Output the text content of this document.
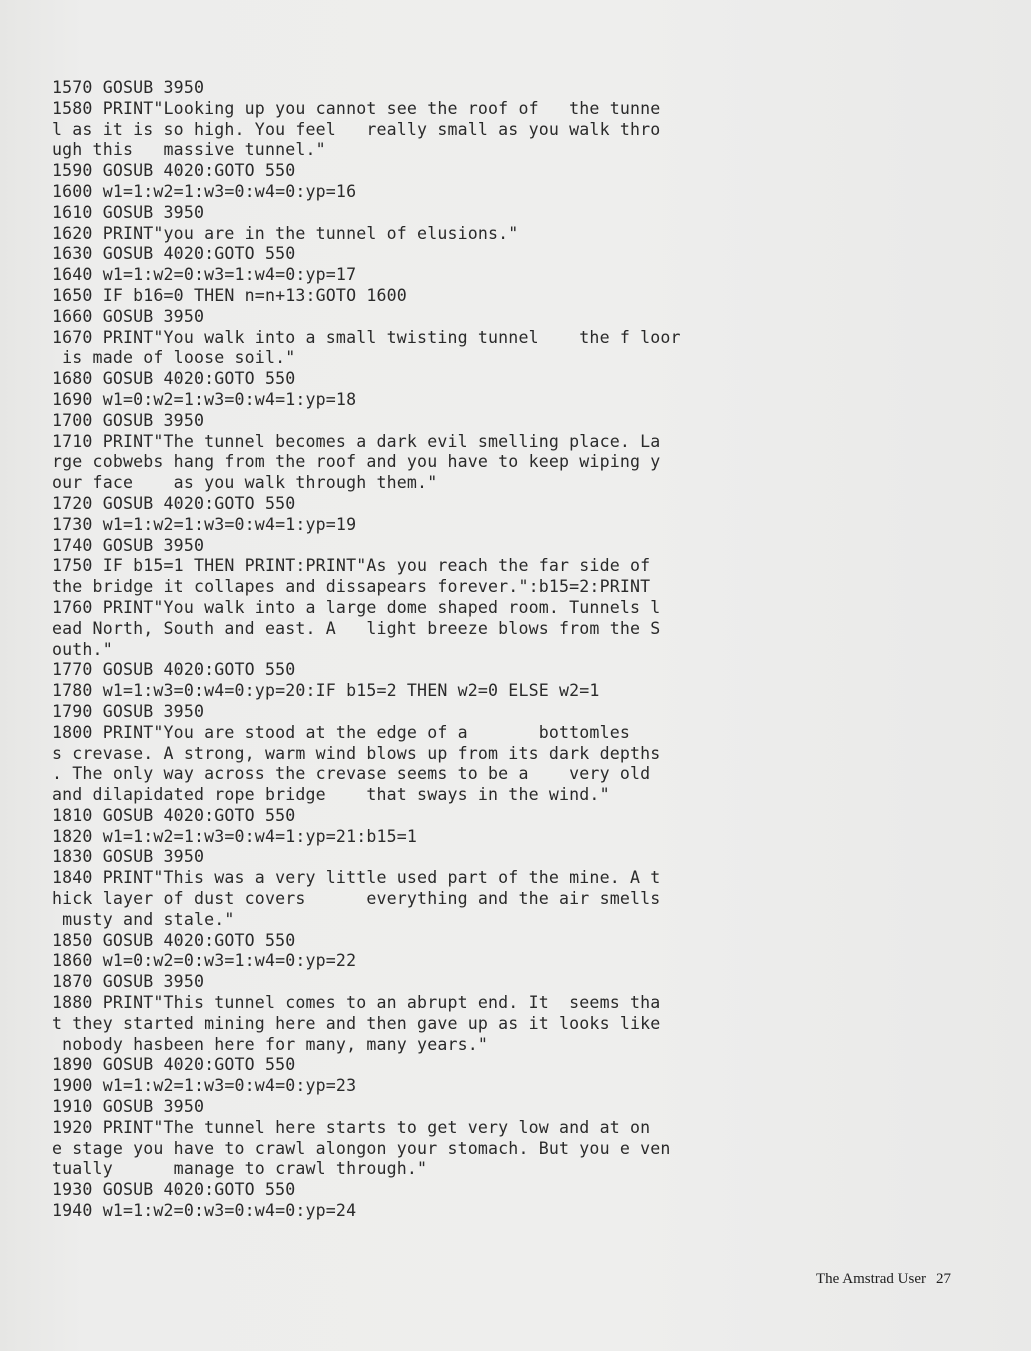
1570 GOSUB 3950
1580 PRINT"Looking up you cannot see the roof of   the tunne
l as it is so high. You feel   really small as you walk thro
ugh this   massive tunnel."
1590 GOSUB 4020:GOTO 550
1600 w1=1:w2=1:w3=0:w4=0:yp=16
1610 GOSUB 3950
1620 PRINT"you are in the tunnel of elusions."
1630 GOSUB 4020:GOTO 550
1640 w1=1:w2=0:w3=1:w4=0:yp=17
1650 IF b16=0 THEN n=n+13:GOTO 1600
1660 GOSUB 3950
1670 PRINT"You walk into a small twisting tunnel    the f loor
is made of loose soil."
1680 GOSUB 4020:GOTO 550
1690 w1=0:w2=1:w3=0:w4=1:yp=18
1700 GOSUB 3950
1710 PRINT"The tunnel becomes a dark evil smelling place. La
rge cobwebs hang from the roof and you have to keep wiping y
our face    as you walk through them."
1720 GOSUB 4020:GOTO 550
1730 w1=1:w2=1:w3=0:w4=1:yp=19
1740 GOSUB 3950
1750 IF b15=1 THEN PRINT:PRINT"As you reach the far side of
the bridge it collapes and dissapears forever.":b15=2:PRINT
1760 PRINT"You walk into a large dome shaped room. Tunnels l
ead North, South and east. A   light breeze blows from the S
outh."
1770 GOSUB 4020:GOTO 550
1780 w1=1:w3=0:w4=0:yp=20:IF b15=2 THEN w2=0 ELSE w2=1
1790 GOSUB 3950
1800 PRINT"You are stood at the edge of a       bottomles
s crevase. A strong, warm wind blows up from its dark depths
. The only way across the crevase seems to be a    very old
and dilapidated rope bridge    that sways in the wind."
1810 GOSUB 4020:GOTO 550
1820 w1=1:w2=1:w3=0:w4=1:yp=21:b15=1
1830 GOSUB 3950
1840 PRINT"This was a very little used part of the mine. A t
hick layer of dust covers      everything and the air smells
musty and stale."
1850 GOSUB 4020:GOTO 550
1860 w1=0:w2=0:w3=1:w4=0:yp=22
1870 GOSUB 3950
1880 PRINT"This tunnel comes to an abrupt end. It  seems tha
t they started mining here and then gave up as it looks like
nobody hasbeen here for many, many years."
1890 GOSUB 4020:GOTO 550
1900 w1=1:w2=1:w3=0:w4=0:yp=23
1910 GOSUB 3950
1920 PRINT"The tunnel here starts to get very low and at on
e stage you have to crawl alongon your stomach. But you e ven
tually      manage to crawl through."
1930 GOSUB 4020:GOTO 550
1940 w1=1:w2=0:w3=0:w4=0:yp=24
The Amstrad User 27
